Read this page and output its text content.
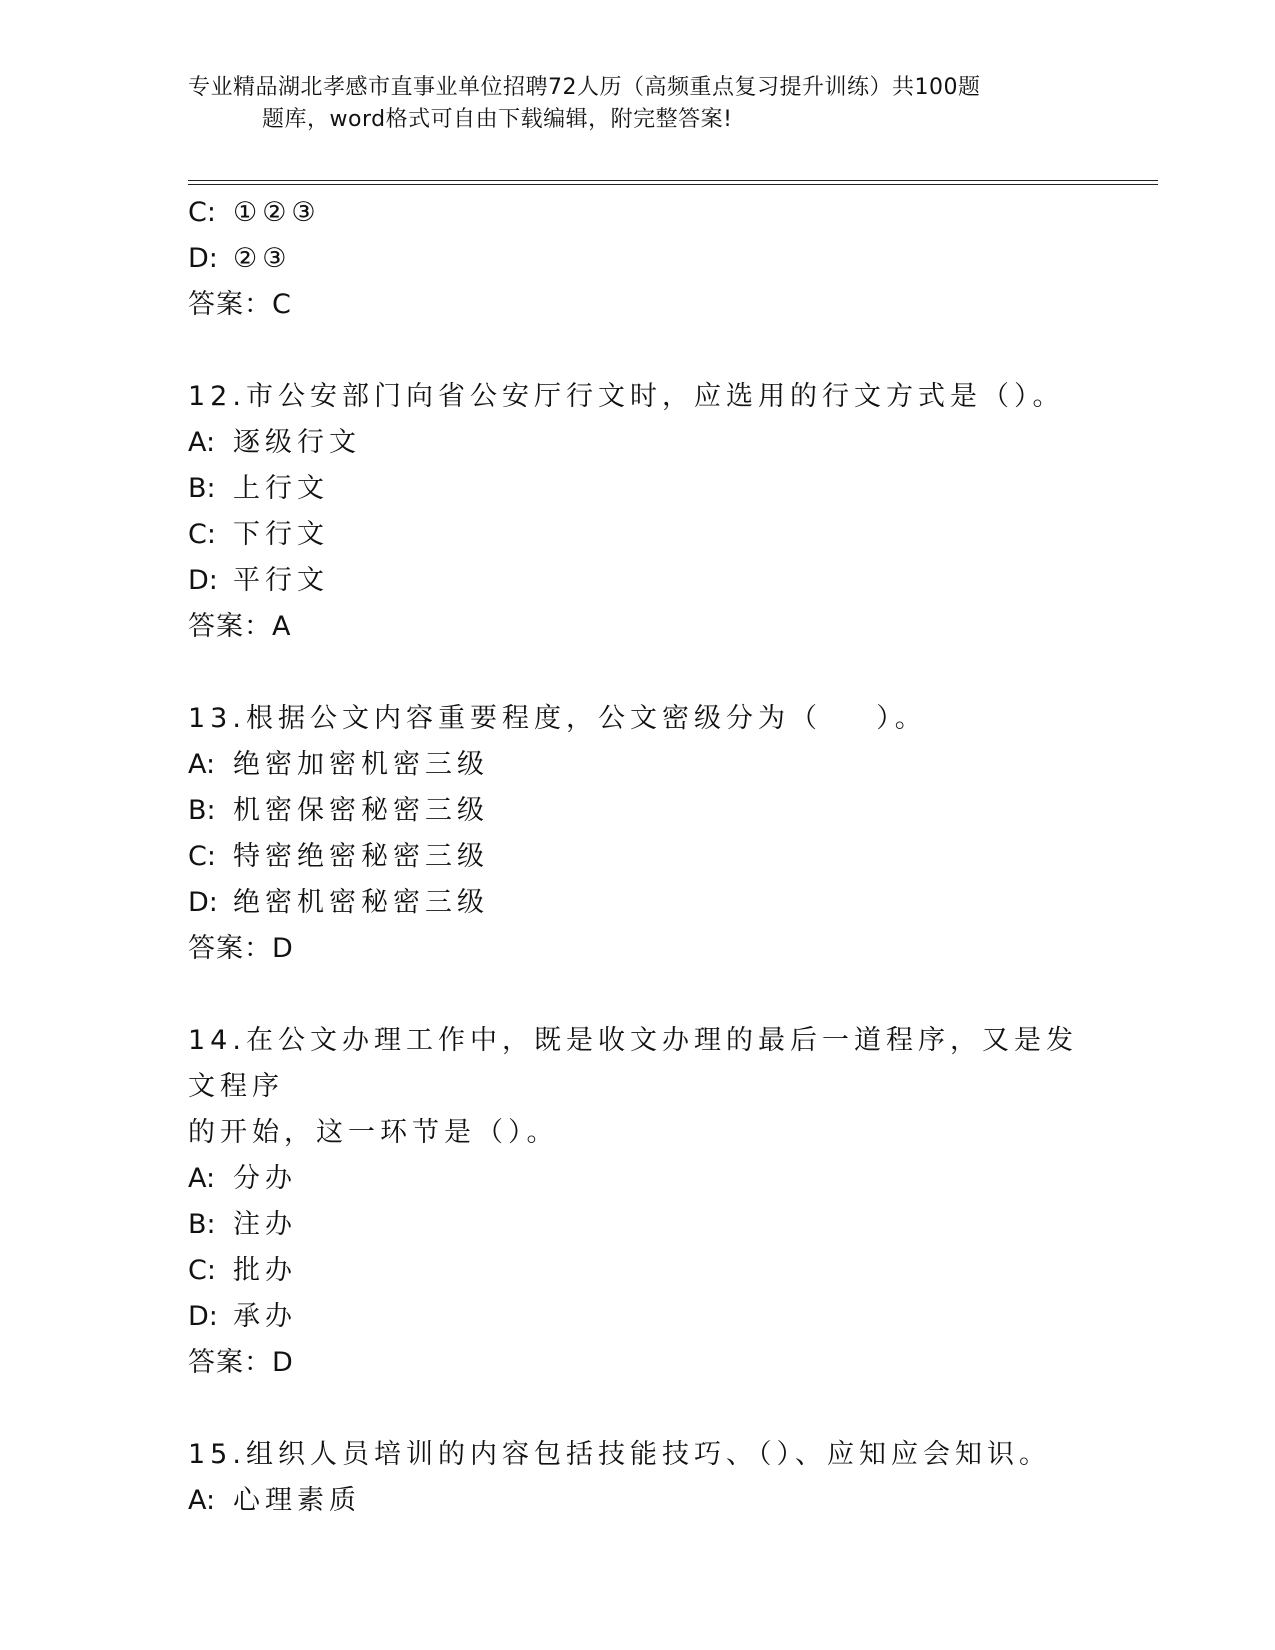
专业精品湖北孝感市直事业单位招聘72人历（高频重点复习提升训练）共100题
题库，word格式可自由下载编辑，附完整答案!
C: ①②③
D: ②③
答案：C
12.市公安部门向省公安厅行文时，应选用的行文方式是（）。
A: 逐级行文
B: 上行文
C: 下行文
D: 平行文
答案：A
13.根据公文内容重要程度，公文密级分为（    ）。
A: 绝密加密机密三级
B: 机密保密秘密三级
C: 特密绝密秘密三级
D: 绝密机密秘密三级
答案：D
14.在公文办理工作中，既是收文办理的最后一道程序，又是发文程序
的开始，这一环节是（）。
A: 分办
B: 注办
C: 批办
D: 承办
答案：D
15.组织人员培训的内容包括技能技巧、（）、应知应会知识。
A: 心理素质
